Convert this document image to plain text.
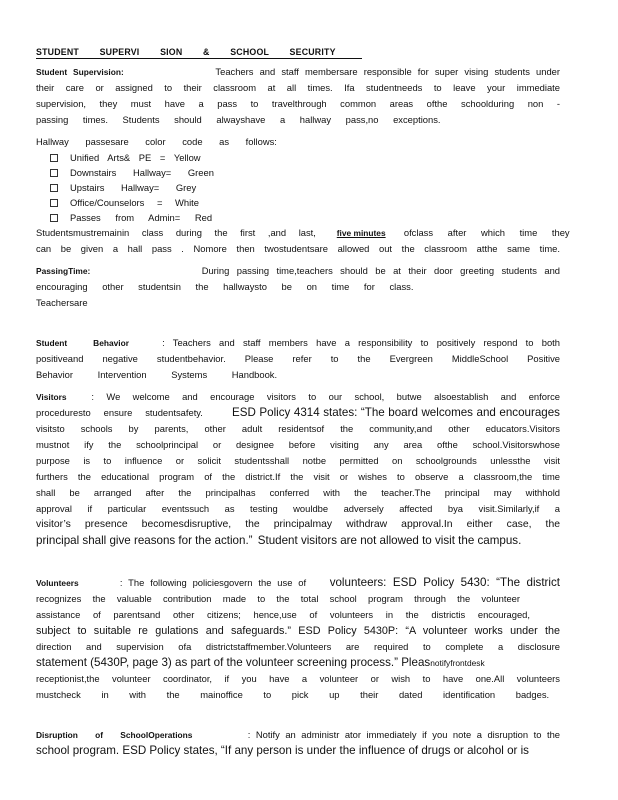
STUDENT SUPERVI SION & SCHOOL SECURITY
Student Supervision:	Teachers and staff membersare responsible for super vising students under
their care or assigned to their classroom at all times. Ifa studentneeds to leave your immediate
supervision, they must have a pass to travelthrough common areas ofthe schoolduring non -
passing times. Students should alwayshave a hallway pass,no exceptions.
Hallway passesare color code as follows:
Unified Arts& PE = Yellow
Downstairs Hallway= Green
Upstairs Hallway= Grey
Office/Counselors = White
Passes from Admin= Red
Studentsmustremainin class during the first ,and last, five minutes ofclass after which time they
can be given a hall pass . Nomore then twostudentsare allowed out the classroom atthe same time.
PassingTime:	During passing time,teachers should be at their door greeting students and
encouraging other studentsin the hallwaysto be on time for class.
Teachersare
Student Behavior	: Teachers and staff members have a responsibility to positively respond to both
positiveand negative studentbehavior. Please refer to the Evergreen MiddleSchool Positive
Behavior Intervention Systems Handbook.
Visitors	: We welcome and encourage visitors to our school, butwe alsoestablish and enforce
proceduresto ensure studentsafety.	ESD Policy 4314 states: “The board welcomes and encourages
visitsto schools by parents, other adult residentsof the community,and other educators.Visitors
mustnot ify the schoolprincipal or designee before visiting any area ofthe school.Visitorswhose
purpose is to influence or solicit studentsshall notbe permitted on schoolgrounds unlessthe visit
furthers the educational program of the district.If the visit or wishes to observe a classroom,the time
shall be arranged after the principalhas conferred with the teacher.The principal may withhold
approval if particular eventssuch as testing wouldbe adversely affected bya visit.Similarly,if a
visitor’s presence becomesdisruptive, the principalmay withdraw approval.In either case, the
principal shall give reasons for the action.” Student visitors are not allowed to visit the campus.
Volunteers	: The following policiesgovern the use of volunteers: ESD Policy 5430: “The district
recognizes the valuable contribution made to the total school program through the volunteer
assistance of parentsand other citizens; hence,use of volunteers in the districtis encouraged,
subject to suitable re gulations and safeguards.” ESD Policy 5430P: “A volunteer works under the
direction and supervision ofa districtstaffmember.Volunteers are required to complete a disclosure
statement (5430P, page 3) as part of the volunteer screening process.” Pleasnotifyfrontdesk
receptionist,the volunteer coordinator, if you have a volunteer or wish to have one.All volunteers
mustcheck in with the mainoffice to pick up their dated identification badges.
Disruption of SchoolOperations	: Notify an administr ator immediately if you note a disruption to the
school program. ESD Policy states, “If any person is under the influence of drugs or alcohol or is
